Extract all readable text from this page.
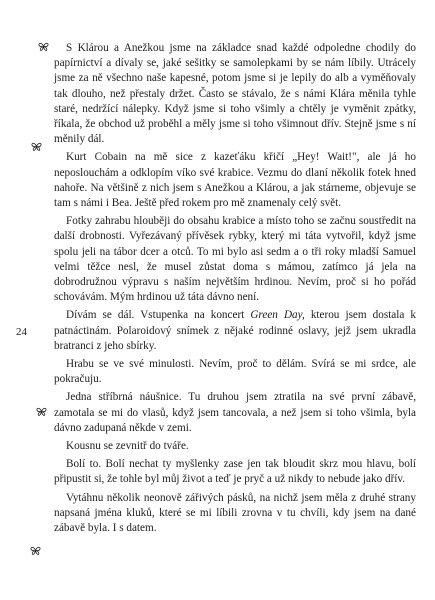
24

S Klárou a Anežkou jsme na základce snad každé odpoledne chodily do papírnictví a dívaly se, jaké sešitky se samolepkami by se nám líbily. Utrácely jsme za ně všechno naše kapesné, potom jsme si je lepily do alb a vyměňovaly tak dlouho, než přestaly držet. Často se stávalo, že s námi Klára měnila tyhle staré, nedržící nálepky. Když jsme si toho všimly a chtěly je vyměnit zpátky, říkala, že obchod už proběhl a měly jsme si toho všimnout dřív. Stejně jsme s ní měnily dál.

Kurt Cobain na mě sice z kazeťáku křičí „Hey! Wait!", ale já ho neposlouchám a odklopím víko své krabice. Vezmu do dlaní několik fotek hned nahoře. Na většině z nich jsem s Anežkou a Klárou, a jak stárneme, objevuje se tam s námi i Bea. Ještě před rokem pro mě znamenaly celý svět.

Fotky zahrabu hlouběji do obsahu krabice a místo toho se začnu soustředit na další drobnosti. Vyřezávaný přívěsek rybky, který mi táta vytvořil, když jsme spolu jeli na tábor dcer a otců. To mi bylo asi sedm a o tři roky mladší Samuel velmi těžce nesl, že musel zůstat doma s mámou, zatímco já jela na dobrodružnou výpravu s naším největším hrdinou. Nevím, proč si ho pořád schovávám. Mým hrdinou už táta dávno není.

Dívám se dál. Vstupenka na koncert Green Day, kterou jsem dostala k patnáctinám. Polaroidový snímek z nějaké rodinné oslavy, jejž jsem ukradla bratranci z jeho sbírky.

Hrabu se ve své minulosti. Nevím, proč to dělám. Svírá se mi srdce, ale pokračuju.

Jedna stříbrná náušnice. Tu druhou jsem ztratila na své první zábavě, zamotala se mi do vlasů, když jsem tancovala, a než jsem si toho všimla, byla dávno zadupaná někde v zemi.

Kousnu se zevnitř do tváře.

Bolí to. Bolí nechat ty myšlenky zase jen tak bloudit skrz mou hlavu, bolí připustit si, že tohle byl můj život a teď je pryč a už nikdy to nebude jako dřív.

Vytáhnu několik neonově zářivých pásků, na nichž jsem měla z druhé strany napsaná jména kluků, které se mi líbili zrovna v tu chvíli, kdy jsem na dané zábavě byla. I s datem.
